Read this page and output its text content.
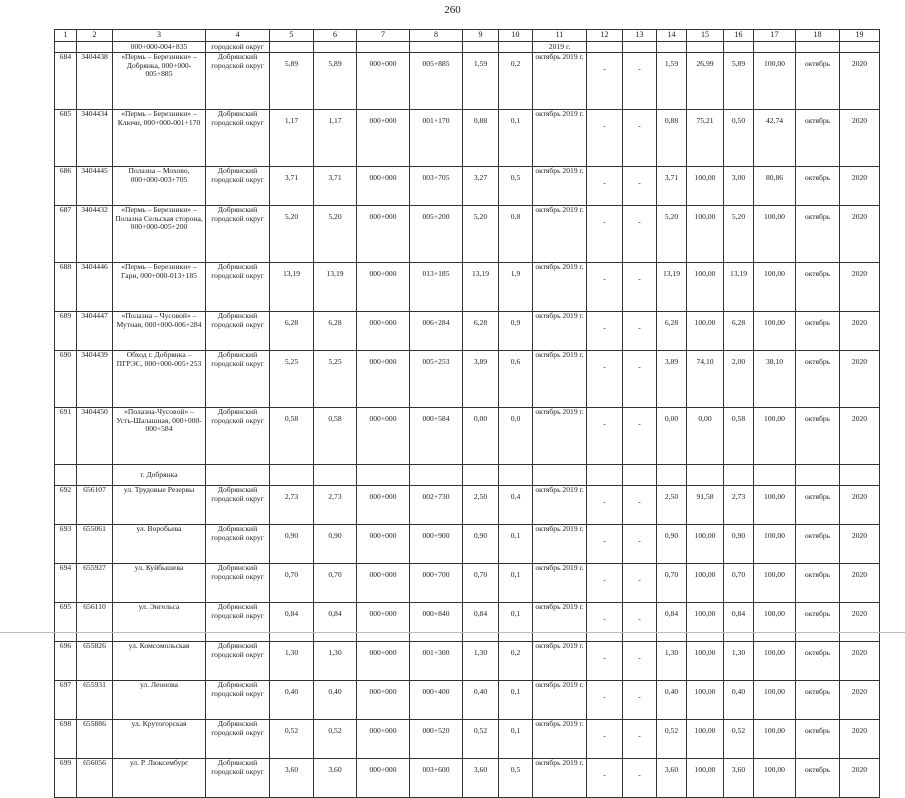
260
1	2	3	4	5	6	7	8	9	10	11	12	13	14	15	16	17	18	19
		000+000-004+835	городской округ							2019 г.								
684	3404438	«Пермь – Березники» – Добрянка, 000+000-005+885	Добрянский городской округ	5,89	5,89	000+000	005+885	1,59	0,2	октябрь 2019 г.	-	-	1,59	26,99	5,89	100,00	октябрь	2020
685	3404434	«Пермь – Березники» – Ключи, 000+000-001+170	Добрянский городской округ	1,17	1,17	000+000	001+170	0,88	0,1	октябрь 2019 г.	-	-	0,88	75,21	0,50	42,74	октябрь	2020
686	3404445	Полазна – Мохово, 000+000-003+705	Добрянский городской округ	3,71	3,71	000+000	003+705	3,27	0,5	октябрь 2019 г.	-	-	3,71	100,00	3,00	80,86	октябрь	2020
687	3404432	«Пермь – Березники» – Полазна Сельская сторона, 000+000-005+200	Добрянский городской округ	5,20	5,20	000+000	005+200	5,20	0,8	октябрь 2019 г.	-	-	5,20	100,00	5,20	100,00	октябрь	2020
688	3404446	«Пермь – Березники» – Гари, 000+000-013+185	Добрянский городской округ	13,19	13,19	000+000	013+185	13,19	1,9	октябрь 2019 г.	-	-	13,19	100,00	13,19	100,00	октябрь	2020
689	3404447	«Полазна – Чусовой» – Мутная, 000+000-006+284	Добрянский городской округ	6,28	6,28	000+000	006+284	6,28	0,9	октябрь 2019 г.	-	-	6,28	100,00	6,28	100,00	октябрь	2020
690	3404439	Обход г. Добрянка – ПГРЭС, 000+000-005+253	Добрянский городской округ	5,25	5,25	000+000	005+253	3,89	0,6	октябрь 2019 г.	-	-	3,89	74,10	2,00	38,10	октябрь	2020
691	3404450	«Полазна-Чусовой» – Усть-Шалашная, 000+000-000+584	Добрянский городской округ	0,58	0,58	000+000	000+584	0,00	0,0	октябрь 2019 г.	-	-	0,00	0,00	0,58	100,00	октябрь	2020
		г. Добрянка																
692	656107	ул. Трудовые Резервы	Добрянский городской округ	2,73	2,73	000+000	002+730	2,50	0,4	октябрь 2019 г.	-	-	2,50	91,58	2,73	100,00	октябрь	2020
693	655061	ул. Воробьева	Добрянский городской округ	0,90	0,90	000+000	000+900	0,90	0,1	октябрь 2019 г.	-	-	0,90	100,00	0,90	100,00	октябрь	2020
694	655927	ул. Куйбышева	Добрянский городской округ	0,70	0,70	000+000	000+700	0,70	0,1	октябрь 2019 г.	-	-	0,70	100,00	0,70	100,00	октябрь	2020
695	656110	ул. Энгельса	Добрянский городской округ	0,84	0,84	000+000	000+840	0,84	0,1	октябрь 2019 г.	-	-	0,84	100,00	0,84	100,00	октябрь	2020
696	655826	ул. Комсомольская	Добрянский городской округ	1,30	1,30	000+000	001+300	1,30	0,2	октябрь 2019 г.	-	-	1,30	100,00	1,30	100,00	октябрь	2020
697	655931	ул. Леонова	Добрянский городской округ	0,40	0,40	000+000	000+400	0,40	0,1	октябрь 2019 г.	-	-	0,40	100,00	0,40	100,00	октябрь	2020
698	655886	ул. Крутогорская	Добрянский городской округ	0,52	0,52	000+000	000+520	0,52	0,1	октябрь 2019 г.	-	-	0,52	100,00	0,52	100,00	октябрь	2020
699	656056	ул. Р. Люксембург	Добрянский городской округ	3,60	3,60	000+000	003+600	3,60	0,5	октябрь 2019 г.	-	-	3,60	100,00	3,60	100,00	октябрь	2020
